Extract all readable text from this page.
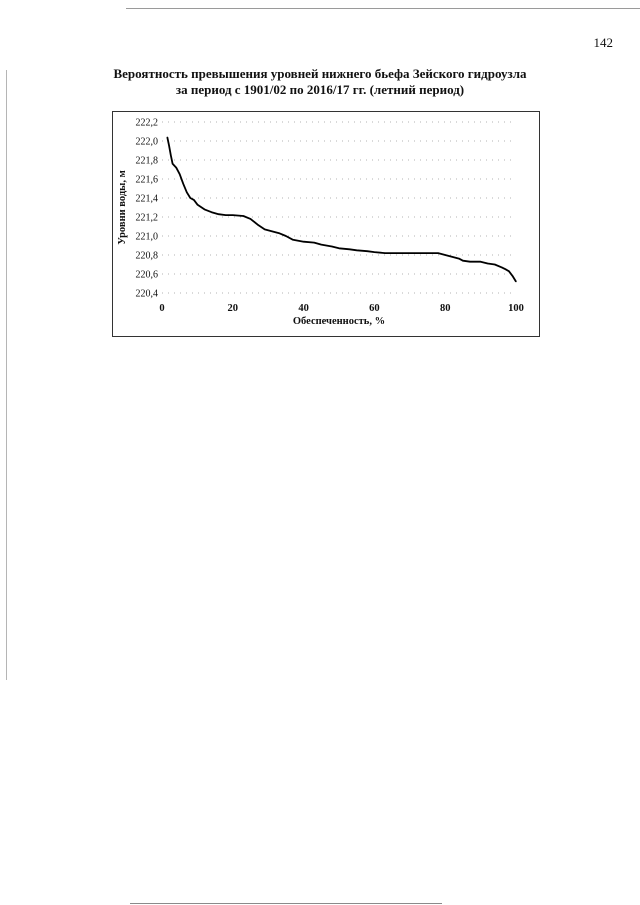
142
Вероятность превышения уровней нижнего бьефа Зейского гидроузла
за период с 1901/02 по 2016/17 гг. (летний период)
222,2
222,0
221,8
221,6
221,4
221,2
221,0
220,8
220,6
220,4
0	20	40	60	80	100
Обеспеченность, %
Уровни воды, м
